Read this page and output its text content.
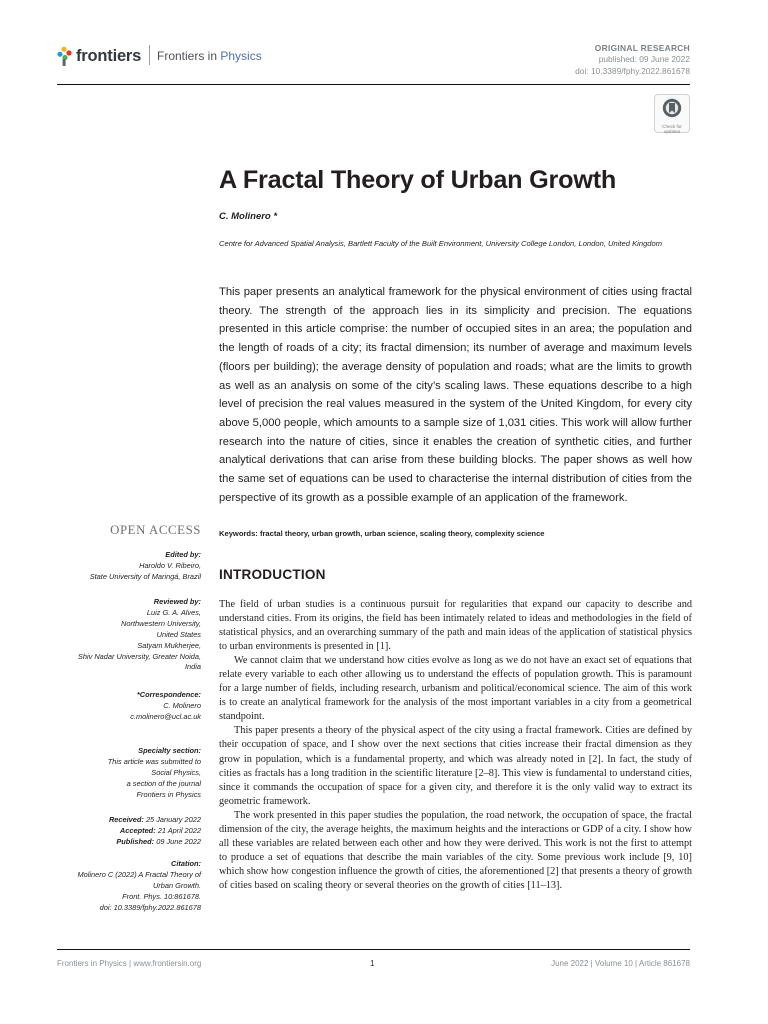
frontiers Frontiers in Physics
ORIGINAL RESEARCH
published: 09 June 2022
doi: 10.3389/fphy.2022.861678
Check for
updates
A Fractal Theory of Urban Growth
C. Molinero *
Centre for Advanced Spatial Analysis, Bartlett Faculty of the Built Environment, University College London, London, United Kingdom
This paper presents an analytical framework for the physical environment of cities using fractal theory. The strength of the approach lies in its simplicity and precision. The equations presented in this article comprise: the number of occupied sites in an area; the population and the length of roads of a city; its fractal dimension; its number of average and maximum levels (floors per building); the average density of population and roads; what are the limits to growth as well as an analysis on some of the city’s scaling laws. These equations describe to a high level of precision the real values measured in the system of the United Kingdom, for every city above 5,000 people, which amounts to a sample size of 1,031 cities. This work will allow further research into the nature of cities, since it enables the creation of synthetic cities, and further analytical derivations that can arise from these building blocks. The paper shows as well how the same set of equations can be used to characterise the internal distribution of cities from the perspective of its growth as a possible example of an application of the framework.
Keywords: fractal theory, urban growth, urban science, scaling theory, complexity science
OPEN ACCESS
Edited by:
Haroldo V. Ribeiro,
State University of Maringá, Brazil
Reviewed by:
Luiz G. A. Alves,
Northwestern University,
United States
Satyam Mukherjee,
Shiv Nadar University, Greater Noida,
India
*Correspondence:
C. Molinero
c.molinero@ucl.ac.uk
Specialty section:
This article was submitted to
Social Physics,
a section of the journal
Frontiers in Physics
Received: 25 January 2022
Accepted: 21 April 2022
Published: 09 June 2022
Citation:
Molinero C (2022) A Fractal Theory of
Urban Growth.
Front. Phys. 10:861678.
doi: 10.3389/fphy.2022.861678
INTRODUCTION

The field of urban studies is a continuous pursuit for regularities that expand our capacity to describe and understand cities. From its origins, the field has been intimately related to ideas and methodologies in the field of statistical physics, and an overarching summary of the path and main ideas of the application of statistical physics to urban environments is presented in [1].

We cannot claim that we understand how cities evolve as long as we do not have an exact set of equations that relate every variable to each other allowing us to understand the effects of population growth. This is paramount for a large number of fields, including research, urbanism and political/economical science. The aim of this work is to create an analytical framework for the analysis of the most important variables in a city from a geometrical standpoint.

This paper presents a theory of the physical aspect of the city using a fractal framework. Cities are defined by their occupation of space, and I show over the next sections that cities increase their fractal dimension as they grow in population, which is a fundamental property, and which was already noted in [2]. In fact, the study of cities as fractals has a long tradition in the scientific literature [2–8]. This view is fundamental to understand cities, since it commands the occupation of space for a given city, and therefore it is the only valid way to extract its geometric framework.

The work presented in this paper studies the population, the road network, the occupation of space, the fractal dimension of the city, the average heights, the maximum heights and the interactions or GDP of a city. I show how all these variables are related between each other and how they were derived. This work is not the first to attempt to produce a set of equations that describe the main variables of the city. Some previous work include [9, 10] which show how congestion influence the growth of cities, the aforementioned [2] that presents a theory of growth of cities based on scaling theory or several theories on the growth of cities [11–13].

Frontiers in Physics | www.frontiersin.org	1	June 2022 | Volume 10 | Article 861678
